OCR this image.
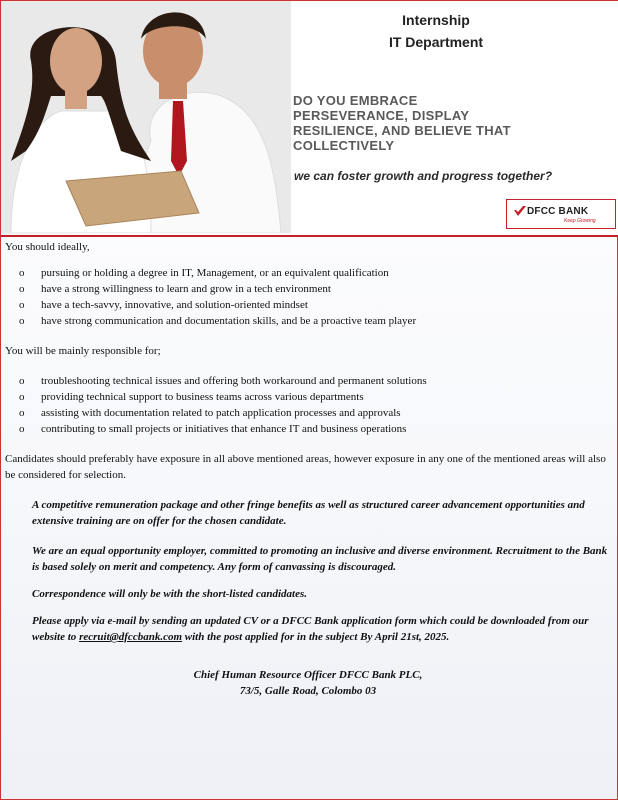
Internship
IT Department
DO YOU EMBRACE
PERSEVERANCE, DISPLAY
RESILIENCE, AND BELIEVE THAT
COLLECTIVELY
we can foster growth and progress together?
DFCC BANK
Keep Growing

You should ideally,

o pursuing or holding a degree in IT, Management, or an equivalent qualification
o have a strong willingness to learn and grow in a tech environment
o have a tech-savvy, innovative, and solution-oriented mindset
o have strong communication and documentation skills, and be a proactive team player

You will be mainly responsible for;

o troubleshooting technical issues and offering both workaround and permanent solutions
o providing technical support to business teams across various departments
o assisting with documentation related to patch application processes and approvals
o contributing to small projects or initiatives that enhance IT and business operations

Candidates should preferably have exposure in all above mentioned areas, however exposure in any one of the mentioned areas will also be considered for selection.

A competitive remuneration package and other fringe benefits as well as structured career advancement opportunities and extensive training are on offer for the chosen candidate.

We are an equal opportunity employer, committed to promoting an inclusive and diverse environment. Recruitment to the Bank is based solely on merit and competency. Any form of canvassing is discouraged.

Correspondence will only be with the short-listed candidates.

Please apply via e-mail by sending an updated CV or a DFCC Bank application form which could be downloaded from our website to recruit@dfccbank.com with the post applied for in the subject By April 21st, 2025.

Chief Human Resource Officer DFCC Bank PLC,
73/5, Galle Road, Colombo 03
